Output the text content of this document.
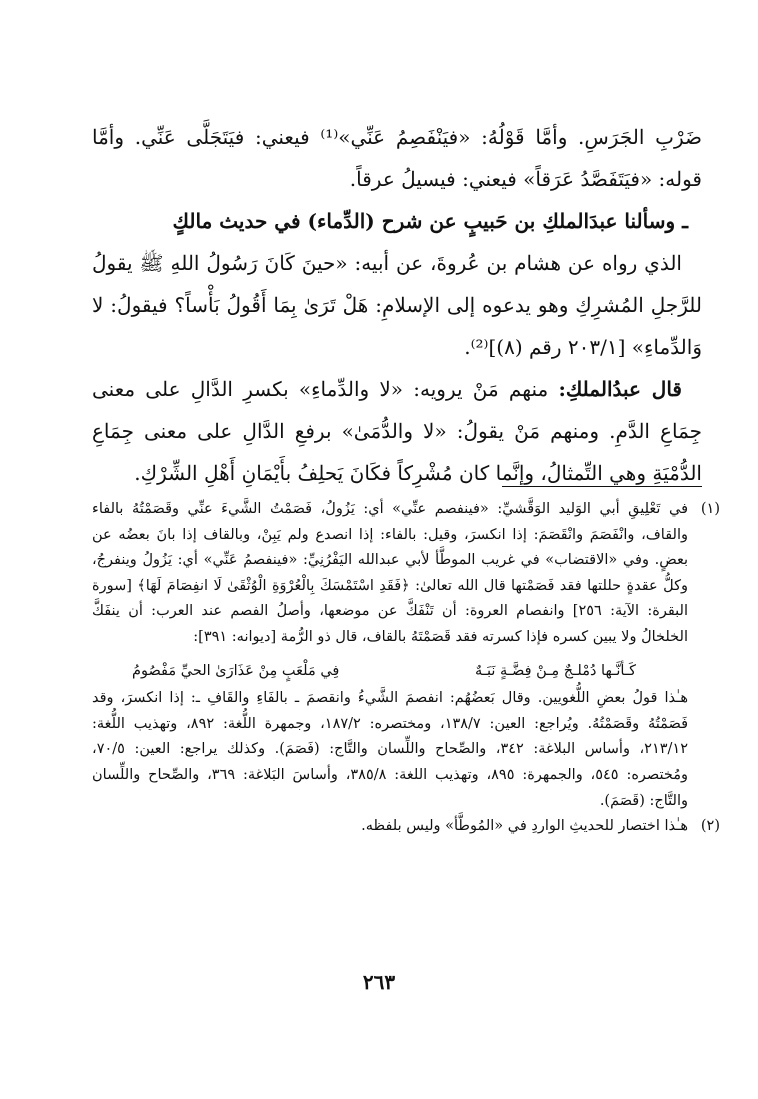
ضَرْبِ الجَرَسِ. وأمَّا قَوْلُهُ: «فيَنْفَصِمُ عَنِّي»⁽¹⁾ فيعني: فيَتَجَلَّى عَنِّي. وأمَّا قوله: «فيَتَفَصَّدُ عَرَقاً» فيعني: فيسيلُ عرقاً.

ـ وسألنا عبدَالملكِ بن حَبيبٍ عن شرح (الدِّماء) في حديث مالكٍ

الذي رواه عن هشام بن عُروةَ، عن أبيه: «حينَ كَانَ رَسُولُ اللهِ ﷺ يقولُ للرَّجلِ المُشرِكِ وهو يدعوه إلى الإسلامِ: هَلْ تَرَىٰ بِمَا أَقُولُ بَأْساً؟ فيقولُ: لا وَالدِّماءِ» [٢٠٣/١ رقم (٨)]⁽²⁾.

قال عبدُالملكِ: منهم مَنْ يرويه: «لا والدِّماءِ» بكسرِ الدَّالِ على معنى جِمَاعِ الدَّمِ. ومنهم مَنْ يقولُ: «لا والدُّمَىٰ» برفعِ الدَّالِ على معنى جِمَاعِ الدُّمْيَةِ وهي التِّمثالُ، وإنَّما كان مُشْرِكاً فكَانَ يَحلِفُ بأَيْمَانِ أَهْلِ الشِّرْكِ.

(١)

في تَعْلِيقِ أبي الوَليد الوَقَّشيِّ: «فينفصم عنِّي» أي: يَزُولُ، فَصَمْتُ الشَّيءَ عنِّي وقَصَمْتُهُ بالفاء والقاف، وانْفَصَمَ وانْقَصَمَ: إذا انكسرَ، وقيل: بالفاء: إذا انصدع ولم يَبِنْ، وبالقاف إذا بانَ بعضُه عن بعضٍ. وفي «الاقتضاب» في غريب الموطَّأ لأبي عبدالله اليَفْرُنِيِّ: «فينفصمُ عَنِّي» أي: يَزُولُ وينفرجُ، وكلُّ عقدةٍ حللتها فقد فَصَمْتها قال الله تعالىٰ: ﴿فَقَدِ اسْتَمْسَكَ بِالْعُرْوَةِ الْوُثْقَىٰ لَا انفِصَامَ لَهَا﴾ [سورة البقرة: الآية: ٢٥٦] وانفصام العروة: أن تَنْفَكَّ عن موضعها، وأصلُ الفصم عند العرب: أن ينفَكَّ الخلخالُ ولا يبين كسره فإذا كسرته فقد قَصَمْتَهُ بالقاف، قال ذو الرُّمة [ديوانه: ٣٩١]:

كَـأنَّـها دُمْلـجٌ مِـنْ فِضَّـةٍ نَبَـهٌ
فِي مَلْعَبٍ مِنْ عَذَارَىٰ الحيِّ مَفْصُومُ

هـٰذا قولُ بعضِ اللُّغويين. وقال بَعضُهُم: انفصمَ الشَّيءُ وانقصمَ ـ بالفَاءِ والقَافِ ـ: إذا انكسرَ، وقد فَصَمْتُهُ وقَصَمْتُهُ. ويُراجع: العين: ١٣٨/٧، ومختصره: ١٨٧/٢، وجمهرة اللُّغة: ٨٩٢، وتهذيب اللُّغة: ٢١٣/١٢، وأساس البلاغة: ٣٤٢، والصِّحاح واللِّسان والتَّاج: (فَصَمَ). وكذلك يراجع: العين: ٧٠/٥، ومُختصره: ٥٤٥، والجمهرة: ٨٩٥، وتهذيب اللغة: ٣٨٥/٨، وأساسَ البَلاغة: ٣٦٩، والصِّحاح واللِّسان والتَّاج: (قَصَمَ).

(٢)

هـٰذا اختصار للحديثِ الواردِ في «المُوطَّأ» وليس بلفظه.

٢٦٣
